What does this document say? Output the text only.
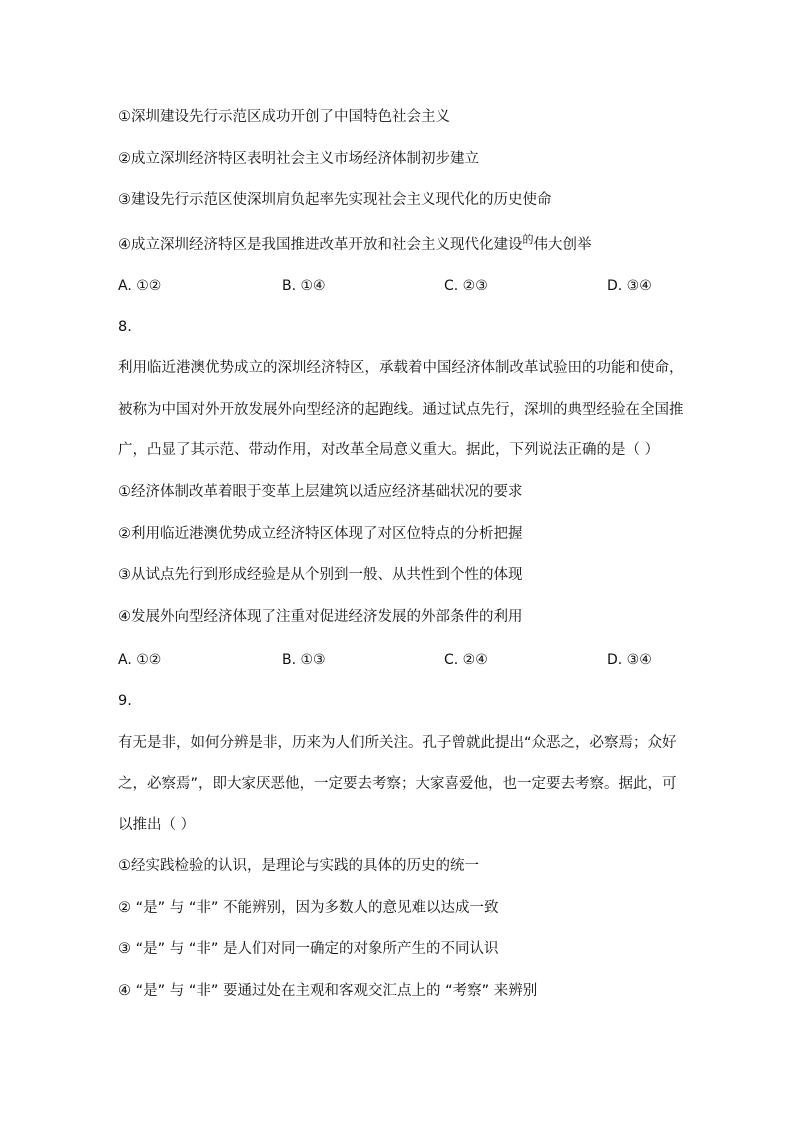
①深圳建设先行示范区成功开创了中国特色社会主义
②成立深圳经济特区表明社会主义市场经济体制初步建立
③建设先行示范区使深圳肩负起率先实现社会主义现代化的历史使命
④成立深圳经济特区是我国推进改革开放和社会主义现代化建设$^的$伟大创举
A. ①②	B. ①④	C. ②③	D. ③④
8.
利用临近港澳优势成立的深圳经济特区，承载着中国经济体制改革试验田的功能和使命，
被称为中国对外开放发展外向型经济的起跑线。通过试点先行，深圳的典型经验在全国推
广，凸显了其示范、带动作用，对改革全局意义重大。据此，下列说法正确的是（ ）
①经济体制改革着眼于变革上层建筑以适应经济基础状况的要求
②利用临近港澳优势成立经济特区体现了对区位特点的分析把握
③从试点先行到形成经验是从个别到一般、从共性到个性的体现
④发展外向型经济体现了注重对促进经济发展的外部条件的利用
A. ①②	B. ①③	C. ②④	D. ③④
9.
有无是非，如何分辨是非，历来为人们所关注。孔子曾就此提出“众恶之，必察焉；众好
之，必察焉”，即大家厌恶他，一定要去考察；大家喜爱他，也一定要去考察。据此，可
以推出（ ）
①经实践检验的认识，是理论与实践的具体的历史的统一
② “是” 与 “非” 不能辨别，因为多数人的意见难以达成一致
③ “是” 与 “非” 是人们对同一确定的对象所产生的不同认识
④ “是” 与 “非” 要通过处在主观和客观交汇点上的 “考察” 来辨别
